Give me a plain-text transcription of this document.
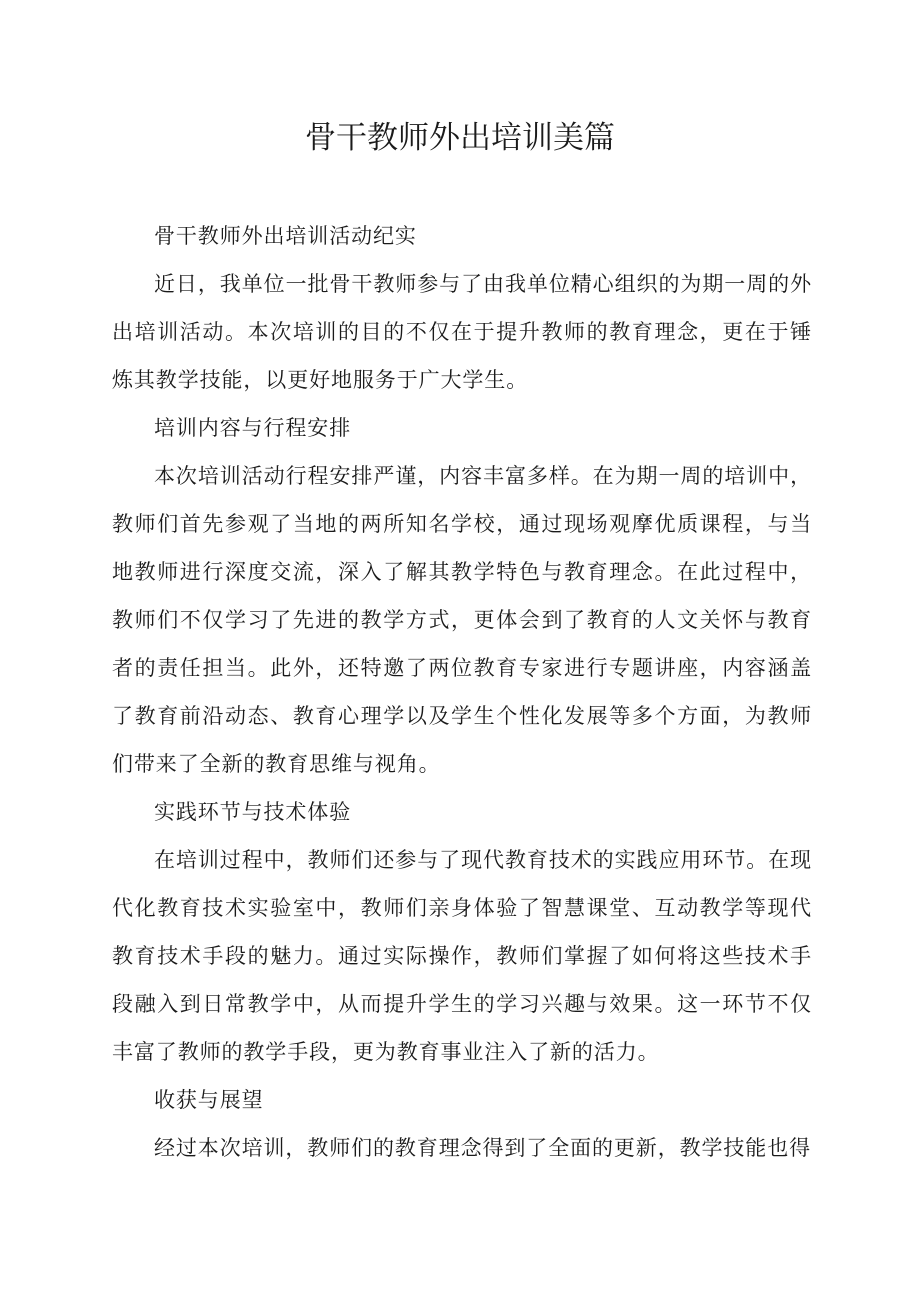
骨干教师外出培训美篇

骨干教师外出培训活动纪实

近日，我单位一批骨干教师参与了由我单位精心组织的为期一周的外出培训活动。本次培训的目的不仅在于提升教师的教育理念，更在于锤炼其教学技能，以更好地服务于广大学生。

培训内容与行程安排

本次培训活动行程安排严谨，内容丰富多样。在为期一周的培训中，教师们首先参观了当地的两所知名学校，通过现场观摩优质课程，与当地教师进行深度交流，深入了解其教学特色与教育理念。在此过程中，教师们不仅学习了先进的教学方式，更体会到了教育的人文关怀与教育者的责任担当。此外，还特邀了两位教育专家进行专题讲座，内容涵盖了教育前沿动态、教育心理学以及学生个性化发展等多个方面，为教师们带来了全新的教育思维与视角。

实践环节与技术体验

在培训过程中，教师们还参与了现代教育技术的实践应用环节。在现代化教育技术实验室中，教师们亲身体验了智慧课堂、互动教学等现代教育技术手段的魅力。通过实际操作，教师们掌握了如何将这些技术手段融入到日常教学中，从而提升学生的学习兴趣与效果。这一环节不仅丰富了教师的教学手段，更为教育事业注入了新的活力。

收获与展望

经过本次培训，教师们的教育理念得到了全面的更新，教学技能也得
